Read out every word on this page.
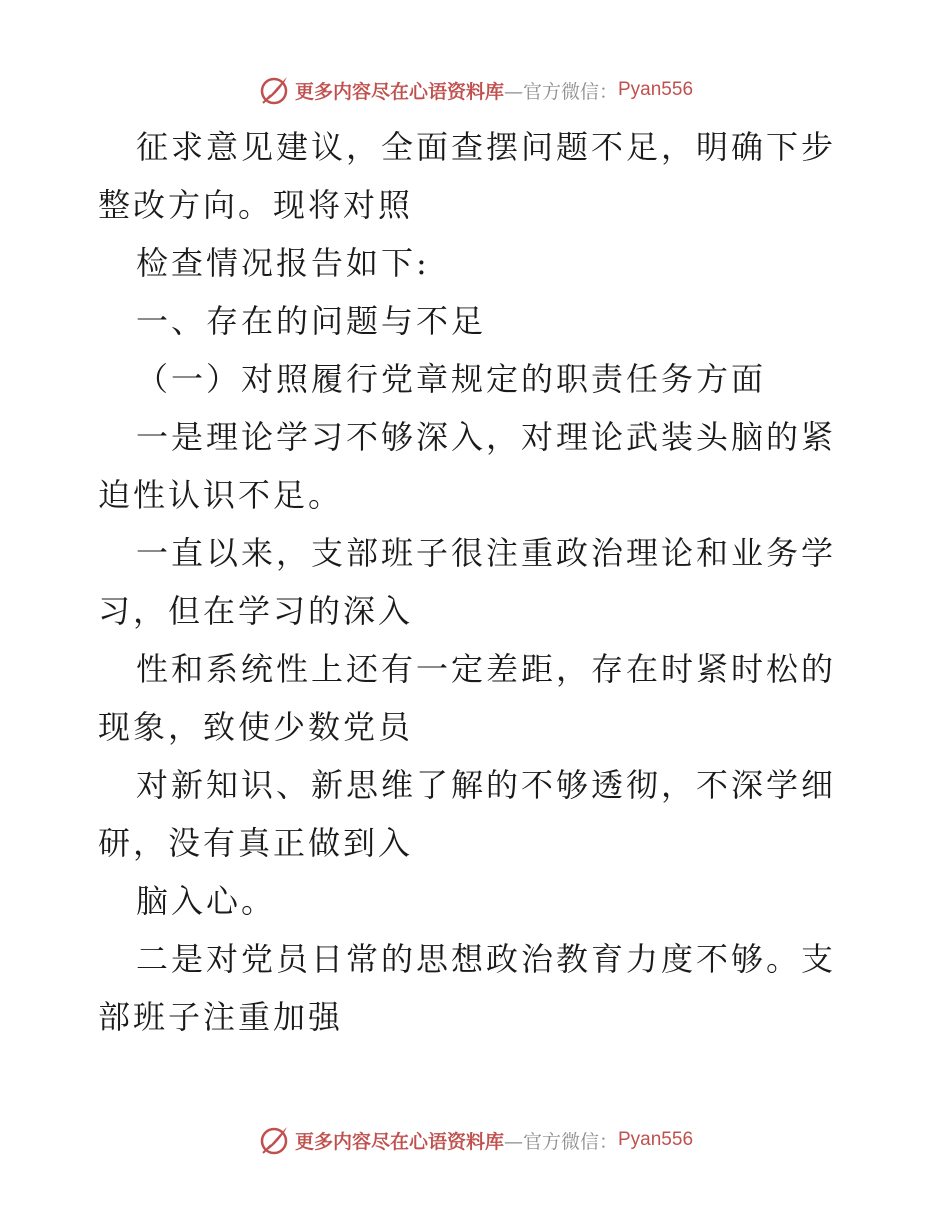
更多内容尽在心语资料库 —官方微信： Pyan556

征求意见建议，全面查摆问题不足，明确下步整改方向。现将对照

检查情况报告如下:

一、存在的问题与不足

（一）对照履行党章规定的职责任务方面

一是理论学习不够深入，对理论武装头脑的紧迫性认识不足。

一直以来，支部班子很注重政治理论和业务学习，但在学习的深入

性和系统性上还有一定差距，存在时紧时松的现象，致使少数党员

对新知识、新思维了解的不够透彻，不深学细研，没有真正做到入

脑入心。

二是对党员日常的思想政治教育力度不够。支部班子注重加强

更多内容尽在心语资料库 —官方微信： Pyan556
